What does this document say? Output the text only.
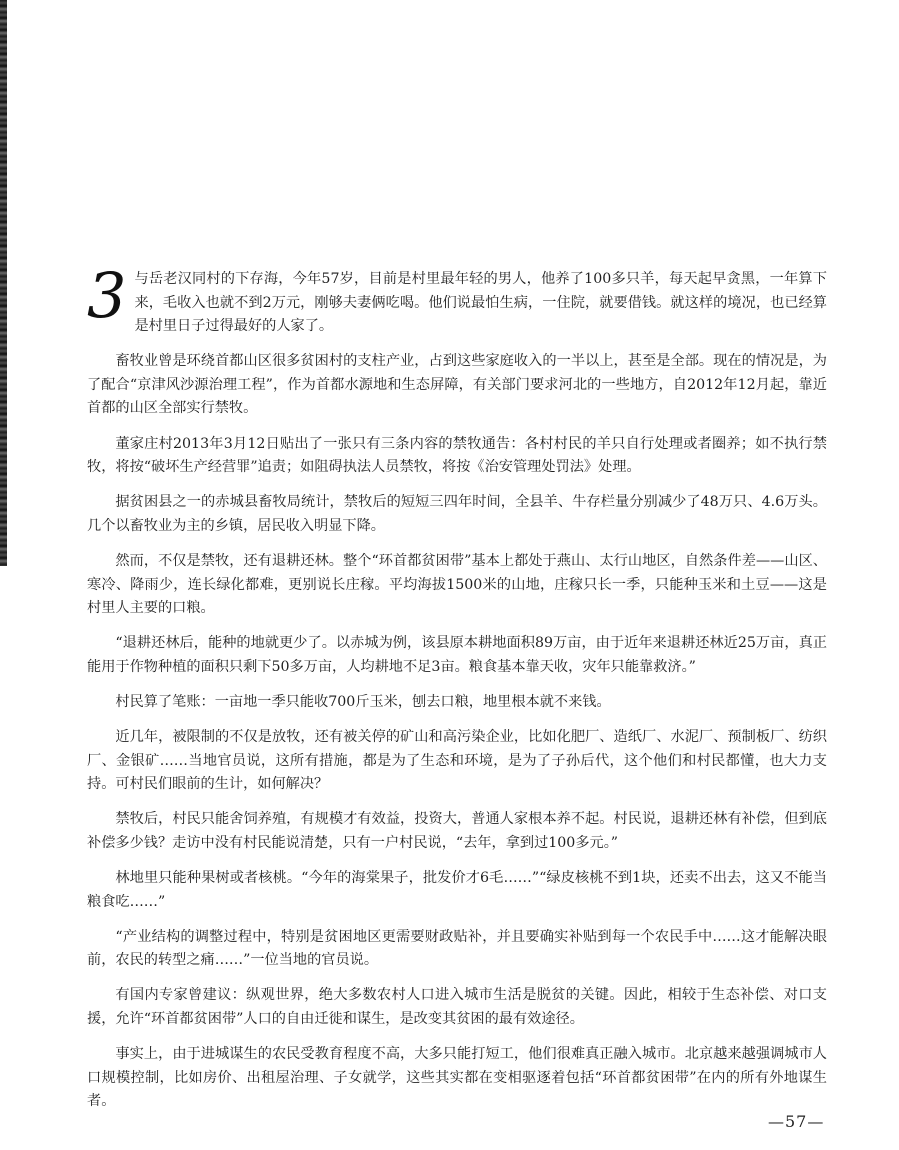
3 与岳老汉同村的下存海，今年57岁，目前是村里最年轻的男人，他养了100多只羊，每天起早贪黑，一年算下来，毛收入也就不到2万元，刚够夫妻俩吃喝。他们说最怕生病，一住院，就要借钱。就这样的境况，也已经算是村里日子过得最好的人家了。

畜牧业曾是环绕首都山区很多贫困村的支柱产业，占到这些家庭收入的一半以上，甚至是全部。现在的情况是，为了配合“京津风沙源治理工程”，作为首都水源地和生态屏障，有关部门要求河北的一些地方，自2012年12月起，靠近首都的山区全部实行禁牧。

董家庄村2013年3月12日贴出了一张只有三条内容的禁牧通告：各村村民的羊只自行处理或者圈养；如不执行禁牧，将按“破坏生产经营罪”追责；如阻碍执法人员禁牧，将按《治安管理处罚法》处理。

据贫困县之一的赤城县畜牧局统计，禁牧后的短短三四年时间，全县羊、牛存栏量分别减少了48万只、4.6万头。几个以畜牧业为主的乡镇，居民收入明显下降。

然而，不仅是禁牧，还有退耕还林。整个“环首都贫困带”基本上都处于燕山、太行山地区，自然条件差——山区、寒冷、降雨少，连长绿化都难，更别说长庄稼。平均海拔1500米的山地，庄稼只长一季，只能种玉米和土豆——这是村里人主要的口粮。

“退耕还林后，能种的地就更少了。以赤城为例，该县原本耕地面积89万亩，由于近年来退耕还林近25万亩，真正能用于作物种植的面积只剩下50多万亩，人均耕地不足3亩。粮食基本靠天收，灾年只能靠救济。”

村民算了笔账：一亩地一季只能收700斤玉米，刨去口粮，地里根本就不来钱。

近几年，被限制的不仅是放牧，还有被关停的矿山和高污染企业，比如化肥厂、造纸厂、水泥厂、预制板厂、纺织厂、金银矿……当地官员说，这所有措施，都是为了生态和环境，是为了子孙后代，这个他们和村民都懂，也大力支持。可村民们眼前的生计，如何解决？

禁牧后，村民只能舍饲养殖，有规模才有效益，投资大，普通人家根本养不起。村民说，退耕还林有补偿，但到底补偿多少钱？走访中没有村民能说清楚，只有一户村民说，“去年，拿到过100多元。”

林地里只能种果树或者核桃。“今年的海棠果子，批发价才6毛……”“绿皮核桃不到1块，还卖不出去，这又不能当粮食吃……”

“产业结构的调整过程中，特别是贫困地区更需要财政贴补，并且要确实补贴到每一个农民手中……这才能解决眼前，农民的转型之痛……”一位当地的官员说。

有国内专家曾建议：纵观世界，绝大多数农村人口进入城市生活是脱贫的关键。因此，相较于生态补偿、对口支援，允许“环首都贫困带”人口的自由迁徙和谋生，是改变其贫困的最有效途径。

事实上，由于进城谋生的农民受教育程度不高，大多只能打短工，他们很难真正融入城市。北京越来越强调城市人口规模控制，比如房价、出租屋治理、子女就学，这些其实都在变相驱逐着包括“环首都贫困带”在内的所有外地谋生者。

—57—
